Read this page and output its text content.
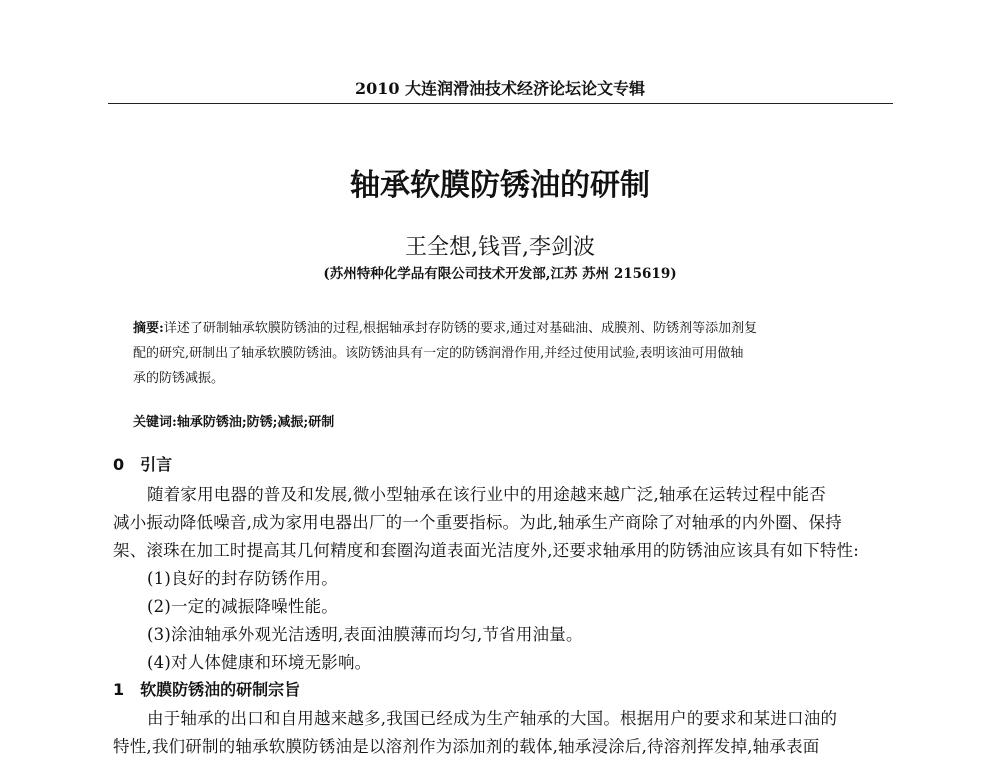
2010 大连润滑油技术经济论坛论文专辑
轴承软膜防锈油的研制
王全想,钱晋,李剑波
(苏州特种化学品有限公司技术开发部,江苏 苏州 215619)
摘要:详述了研制轴承软膜防锈油的过程,根据轴承封存防锈的要求,通过对基础油、成膜剂、防锈剂等添加剂复
配的研究,研制出了轴承软膜防锈油。该防锈油具有一定的防锈润滑作用,并经过使用试验,表明该油可用做轴
承的防锈减振。
关键词:轴承防锈油;防锈;减振;研制
0　引言
随着家用电器的普及和发展,微小型轴承在该行业中的用途越来越广泛,轴承在运转过程中能否
减小振动降低噪音,成为家用电器出厂的一个重要指标。为此,轴承生产商除了对轴承的内外圈、保持
架、滚珠在加工时提高其几何精度和套圈沟道表面光洁度外,还要求轴承用的防锈油应该具有如下特性:
(1)良好的封存防锈作用。
(2)一定的减振降噪性能。
(3)涂油轴承外观光洁透明,表面油膜薄而均匀,节省用油量。
(4)对人体健康和环境无影响。
1　软膜防锈油的研制宗旨
由于轴承的出口和自用越来越多,我国已经成为生产轴承的大国。根据用户的要求和某进口油的
特性,我们研制的轴承软膜防锈油是以溶剂作为添加剂的载体,轴承浸涂后,待溶剂挥发掉,轴承表面
